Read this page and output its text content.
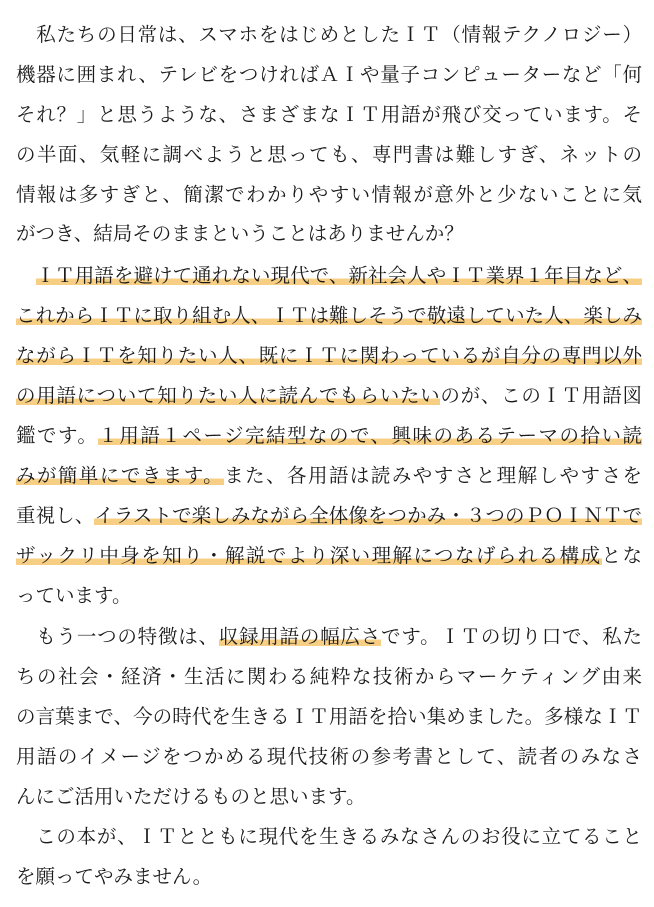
　私たちの日常は、スマホをはじめとしたＩＴ（情報テクノロジー）
機器に囲まれ、テレビをつければＡＩや量子コンピューターなど「何
それ？」と思うような、さまざまなＩＴ用語が飛び交っています。そ
の半面、気軽に調べようと思っても、専門書は難しすぎ、ネットの
情報は多すぎと、簡潔でわかりやすい情報が意外と少ないことに気
がつき、結局そのままということはありませんか？
　ＩＴ用語を避けて通れない現代で、新社会人やＩＴ業界１年目など、
これからＩＴに取り組む人、ＩＴは難しそうで敬遠していた人、楽しみ
ながらＩＴを知りたい人、既にＩＴに関わっているが自分の専門以外
の用語について知りたい人に読んでもらいたいのが、このＩＴ用語図
鑑です。１用語１ページ完結型なので、興味のあるテーマの拾い読
みが簡単にできます。また、各用語は読みやすさと理解しやすさを
重視し、イラストで楽しみながら全体像をつかみ・３つのＰＯＩＮＴで
ザックリ中身を知り・解説でより深い理解につなげられる構成とな
っています。
　もう一つの特徴は、収録用語の幅広さです。ＩＴの切り口で、私た
ちの社会・経済・生活に関わる純粋な技術からマーケティング由来
の言葉まで、今の時代を生きるＩＴ用語を拾い集めました。多様なＩＴ
用語のイメージをつかめる現代技術の参考書として、読者のみなさ
んにご活用いただけるものと思います。
　この本が、ＩＴとともに現代を生きるみなさんのお役に立てること
を願ってやみません。
